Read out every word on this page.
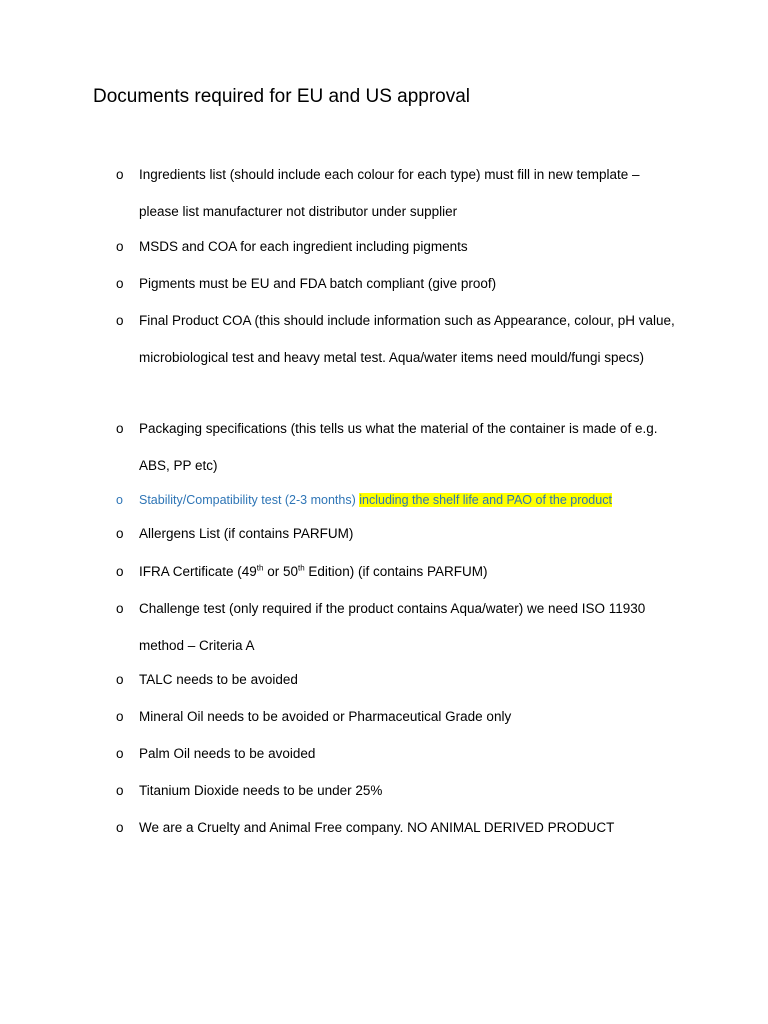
Documents required for EU and US approval
o	Ingredients list (should include each colour for each type) must fill in new template – please list manufacturer not distributor under supplier
o	MSDS and COA for each ingredient including pigments
o	Pigments must be EU and FDA batch compliant (give proof)
o	Final Product COA (this should include information such as Appearance, colour, pH value, microbiological test and heavy metal test. Aqua/water items need mould/fungi specs)
o	Packaging specifications (this tells us what the material of the container is made of e.g. ABS, PP etc)
o	Stability/Compatibility test (2-3 months) including the shelf life and PAO of the product
o	Allergens List (if contains PARFUM)
o	IFRA Certificate (49th or 50th Edition) (if contains PARFUM)
o	Challenge test (only required if the product contains Aqua/water) we need ISO 11930 method – Criteria A
o	TALC needs to be avoided
o	Mineral Oil needs to be avoided or Pharmaceutical Grade only
o	Palm Oil needs to be avoided
o	Titanium Dioxide needs to be under 25%
o	We are a Cruelty and Animal Free company. NO ANIMAL DERIVED PRODUCT
